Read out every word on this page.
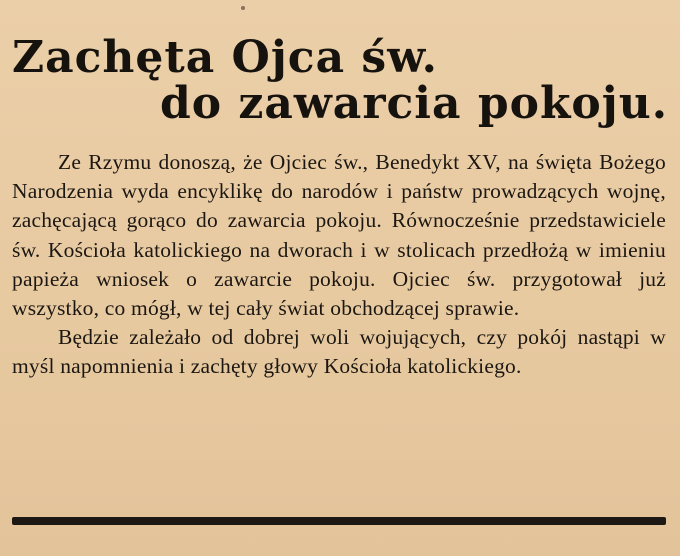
Zachęta Ojca św.
do zawarcia pokoju.

Ze Rzymu donoszą, że Ojciec św., Benedykt XV, na święta Bożego Narodzenia wyda encyklikę do narodów i państw prowadzących wojnę, zachęcającą gorąco do zawarcia pokoju. Równocześnie przedstawiciele św. Kościoła katolickiego na dworach i w stolicach przedłożą w imieniu papieża wniosek o zawarcie pokoju. Ojciec św. przygotował już wszystko, co mógł, w tej cały świat obchodzącej sprawie.

Będzie zależało od dobrej woli wojujących, czy pokój nastąpi w myśl napomnienia i zachęty głowy Kościoła katolickiego.
